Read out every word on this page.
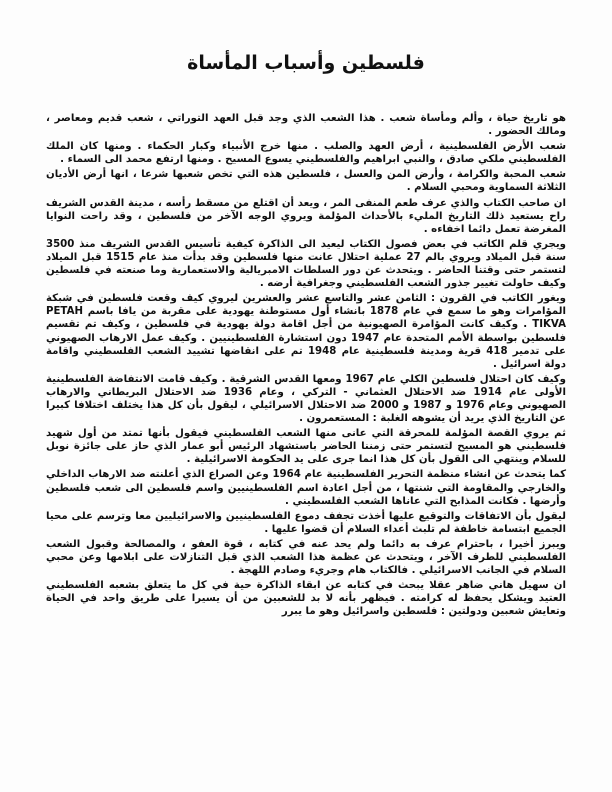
فلسطين وأسباب المأساة

هو تاريخ حياة ، وألم ومأساة شعب . هذا الشعب الذي وجد قبل العهد التوراتي ، شعب قديم ومعاصر ، ومالك الحضور .

شعب الأرض الفلسطينية ، أرض العهد والصلب . منها خرج الأنبياء وكبار الحكماء . ومنها كان الملك الفلسطيني ملكي صادق ، والنبي ابراهيم والفلسطيني يسوع المسيح . ومنها ارتفع محمد الى السماء .

شعب المحبة والكرامة ، وأرض المن والعسل ، فلسطين هذه التي تخص شعبها شرعا ، انها أرض الأديان الثلاثة السماوية ومحبي السلام .

ان صاحب الكتاب والذي عرف طعم المنفى المر ، ويعد أن اقتلع من مسقط رأسه ، مدينة القدس الشريف راح يستعيد ذلك التاريخ المليء بالأحداث المؤلمة ويروي الوجه الآخر من فلسطين ، وقد راحت النوايا المغرضة تعمل دائما اخفاءه .

ويجري قلم الكاتب في بعض فصول الكتاب ليعيد الى الذاكرة كيفية تأسيس القدس الشريف منذ 3500 سنة قبل الميلاد ويروي بالم 27 عملية احتلال عانت منها فلسطين وقد بدأت منذ عام 1515 قبل الميلاد لتستمر حتى وقتنا الحاضر . ويتحدث عن دور السلطات الامبريالية والاستعمارية وما صنعته في فلسطين وكيف حاولت تغيير جذور الشعب الفلسطيني وجغرافية أرضه .

ويغور الكاتب في القرون : الثامن عشر والتاسع عشر والعشرين ليروي كيف وقعت فلسطين في شبكة المؤامرات وهو ما سمع في عام 1878 بانشاء أول مستوطنة يهودية على مقربة من يافا باسم PETAH TIKVA . وكيف كانت المؤامرة الصهيونية من أجل اقامة دولة يهودية في فلسطين ، وكيف تم تقسيم فلسطين بواسطة الأمم المتحدة عام 1947 دون استشارة الفلسطينيين . وكيف عمل الارهاب الصهيوني على تدمير 418 قرية ومدينة فلسطينية عام 1948 تم على انقاضها تشييد الشعب الفلسطيني واقامة دولة اسرائيل .

وكيف كان احتلال فلسطين الكلي عام 1967 ومعها القدس الشرقية . وكيف قامت الانتفاضة الفلسطينية الأولى عام 1914 ضد الاحتلال العثماني - التركي ، وعام 1936 ضد الاحتلال البريطاني والارهاب الصهيوني وعام 1976 و 1987 و 2000 ضد الاحتلال الاسرائيلي ، ليقول بأن كل هذا يختلف اختلافا كبيرا عن التاريخ الذي يريد أن يشوهه الغلبة : المستعمرون .

ثم يروي القصة المؤلمة للمحرقة التي عانى منها الشعب الفلسطيني فيقول بأنها تمتد من أول شهيد فلسطيني هو المسيح لتستمر حتى زمننا الحاضر باستشهاد الرئيس أبو عمار الذي حاز على جائزة نوبل للسلام وينتهي الى القول بأن كل هذا انما جرى على يد الحكومة الاسرائيلية .

كما يتحدث عن انشاء منظمة التحرير الفلسطينية عام 1964 وعن الصراع الذي أعلنته ضد الارهاب الداخلي والخارجي والمقاومة التي شنتها ، من أجل اعادة اسم الفلسطينيين واسم فلسطين الى شعب فلسطين وأرضها . فكانت المذابح التي عاناها الشعب الفلسطيني .

ليقول بأن الاتفاقات والتوقيع عليها أخذت تجفف دموع الفلسطينيين والاسرائيليين معا وترسم على محيا الجميع ابتسامة خاطفة لم تلبث أعداء السلام أن قضوا عليها .

ويبرز أخيرا ، باحترام عرف به دائما ولم يحد عنه في كتابه ، قوة العفو ، والمصالحة وقبول الشعب الفلسطيني للطرف الآخر ، ويتحدث عن عظمة هذا الشعب الذي قبل التنازلات على ابلامها وعن محبي السلام في الجانب الاسرائيلي . فالكتاب هام وجريء وصادم اللهجة .

ان سهيل هاني ضاهر عقلا يبحث في كتابه عن ابقاء الذاكرة حية في كل ما يتعلق بشعبه الفلسطيني العتيد ويشكل يحفظ له كرامته . فيظهر بأنه لا بد للشعبين من أن يسيرا على طريق واحد في الحياة وتعايش شعبين ودولتين : فلسطين واسرائيل وهو ما يبرر
